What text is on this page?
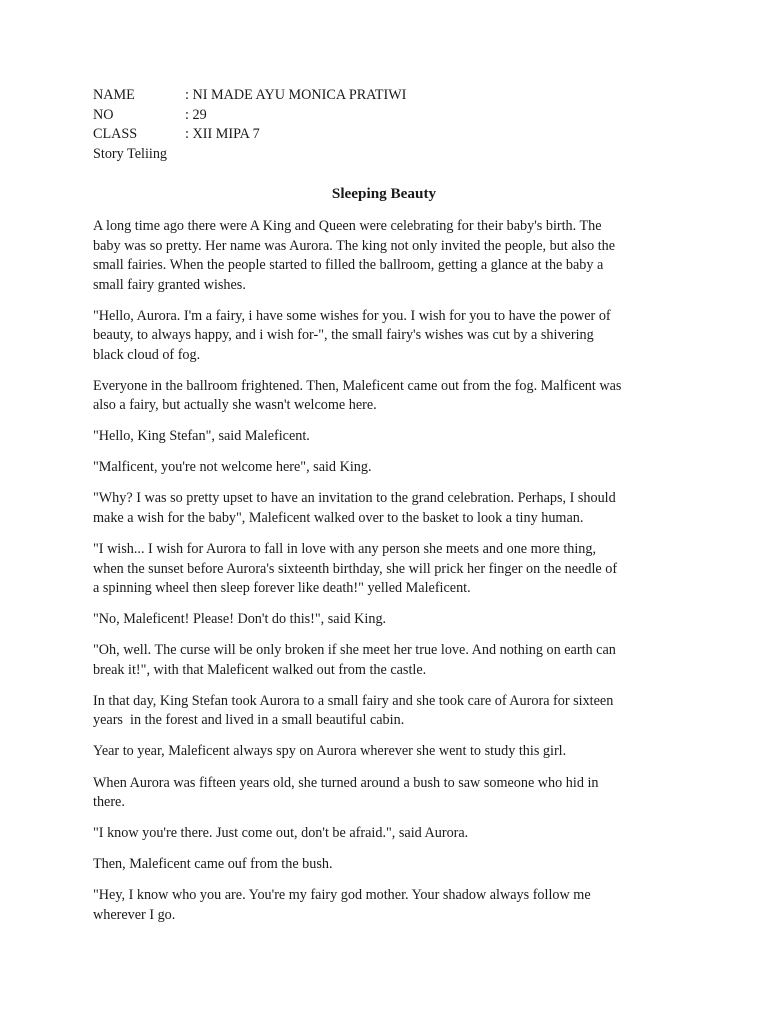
NAME	: NI MADE AYU MONICA PRATIWI
NO	: 29
CLASS	: XII MIPA 7
Story Teliing
Sleeping Beauty
A long time ago there were A King and Queen were celebrating for their baby's birth. The
baby was so pretty. Her name was Aurora. The king not only invited the people, but also the
small fairies. When the people started to filled the ballroom, getting a glance at the baby a
small fairy granted wishes.
"Hello, Aurora. I'm a fairy, i have some wishes for you. I wish for you to have the power of
beauty, to always happy, and i wish for-", the small fairy's wishes was cut by a shivering
black cloud of fog.
Everyone in the ballroom frightened. Then, Maleficent came out from the fog. Malficent was
also a fairy, but actually she wasn't welcome here.
"Hello, King Stefan", said Maleficent.
"Malficent, you're not welcome here", said King.
"Why? I was so pretty upset to have an invitation to the grand celebration. Perhaps, I should
make a wish for the baby", Maleficent walked over to the basket to look a tiny human.
"I wish... I wish for Aurora to fall in love with any person she meets and one more thing,
when the sunset before Aurora's sixteenth birthday, she will prick her finger on the needle of
a spinning wheel then sleep forever like death!" yelled Maleficent.
"No, Maleficent! Please! Don't do this!", said King.
"Oh, well. The curse will be only broken if she meet her true love. And nothing on earth can
break it!", with that Maleficent walked out from the castle.
In that day, King Stefan took Aurora to a small fairy and she took care of Aurora for sixteen
years  in the forest and lived in a small beautiful cabin.
Year to year, Maleficent always spy on Aurora wherever she went to study this girl.
When Aurora was fifteen years old, she turned around a bush to saw someone who hid in
there.
"I know you're there. Just come out, don't be afraid.", said Aurora.
Then, Maleficent came ouf from the bush.
"Hey, I know who you are. You're my fairy god mother. Your shadow always follow me
wherever I go.
